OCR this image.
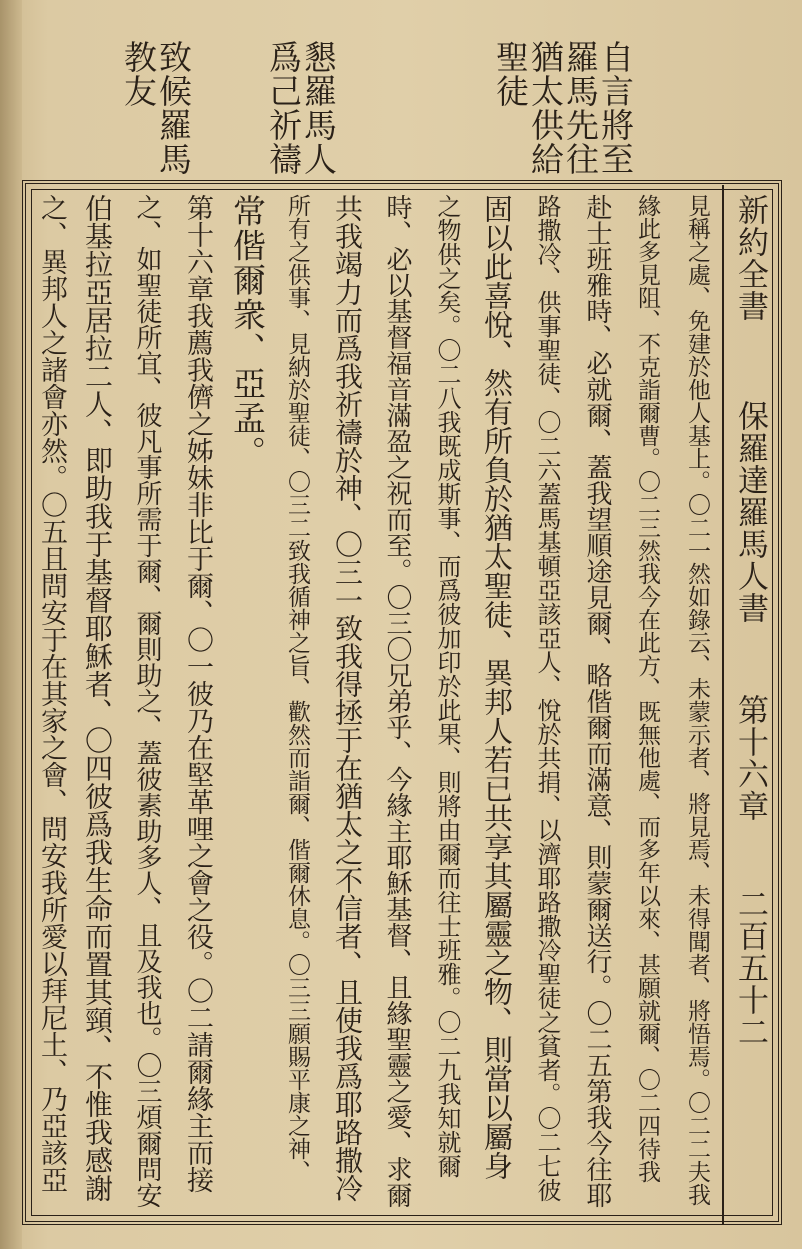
自言將至
羅馬先往
猶太供給
聖徒
懇羅馬人
爲己祈禱
致候羅馬
教友
新約全書保羅達羅馬人書第十六章二百五十二
見稱之處、免建於他人基上。〇二一然如錄云、未蒙示者、將見焉、未得聞者、將悟焉。〇二二夫我
緣此多見阻、不克詣爾曹。〇二三然我今在此方、既無他處、而多年以來、甚願就爾、〇二四待我
赴士班雅時、必就爾、蓋我望順途見爾、略偕爾而滿意、則蒙爾送行。〇二五第我今往耶
路撒冷、供事聖徒、〇二六蓋馬基頓亞該亞人、悅於共捐、以濟耶路撒冷聖徒之貧者。〇二七彼
固以此喜悅、然有所負於猶太聖徒、異邦人若已共享其屬靈之物、則當以屬身
之物供之矣。〇二八我既成斯事、而爲彼加印於此果、則將由爾而往士班雅。〇二九我知就爾
時、必以基督福音滿盈之祝而至。〇三〇兄弟乎、今緣主耶穌基督、且緣聖靈之愛、求爾
共我竭力而爲我祈禱於神、〇三一致我得拯于在猶太之不信者、且使我爲耶路撒冷
所有之供事、見納於聖徒、〇三二致我循神之旨、歡然而詣爾、偕爾休息。〇三三願賜平康之神、
常偕爾衆、亞孟。
第十六章我薦我儕之姊妹非比于爾、〇一彼乃在堅革哩之會之役。〇二請爾緣主而接
之、如聖徒所宜、彼凡事所需于爾、爾則助之、蓋彼素助多人、且及我也。〇三煩爾問安
伯基拉亞居拉二人、即助我于基督耶穌者、〇四彼爲我生命而置其頸、不惟我感謝
之、異邦人之諸會亦然。〇五且問安于在其家之會、問安我所愛以拜尼土、乃亞該亞
